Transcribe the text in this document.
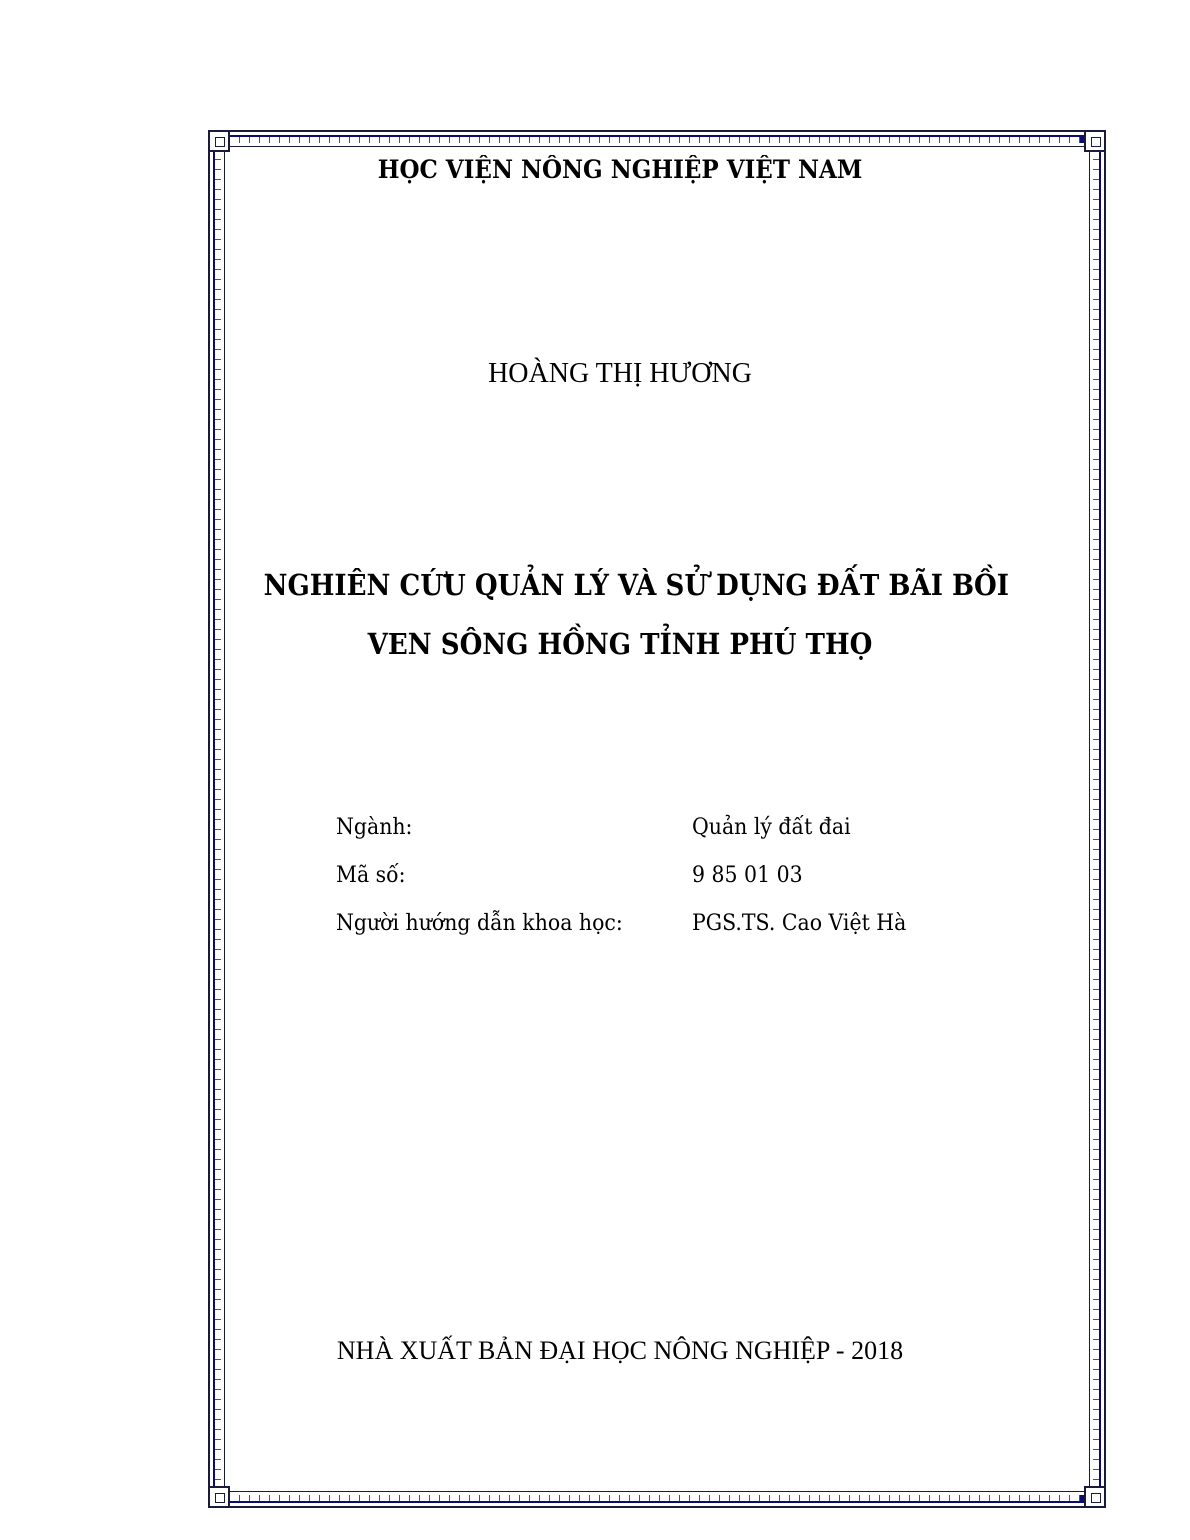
HỌC VIỆN NÔNG NGHIỆP VIỆT NAM
HOÀNG THỊ HƯƠNG
NGHIÊN CỨU QUẢN LÝ VÀ SỬ DỤNG ĐẤT BÃI BỒI
VEN SÔNG HỒNG TỈNH PHÚ THỌ
Ngành:	Quản lý đất đai
Mã số:	9 85 01 03
Người hướng dẫn khoa học:	PGS.TS. Cao Việt Hà
NHÀ XUẤT BẢN ĐẠI HỌC NÔNG NGHIỆP - 2018
